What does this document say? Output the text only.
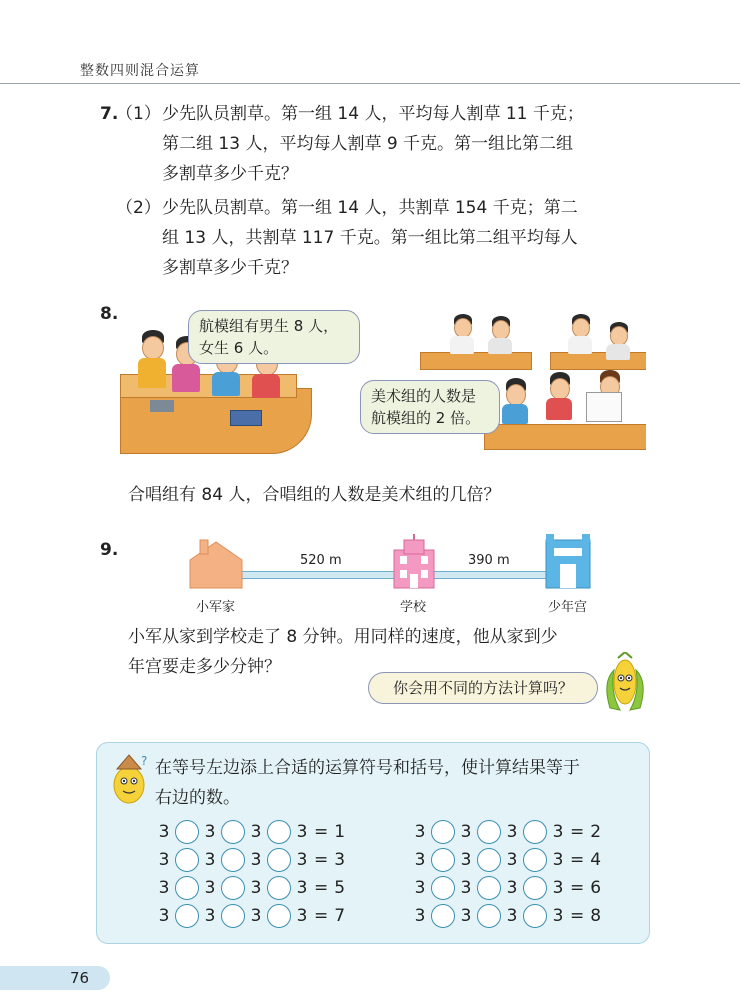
整数四则混合运算
7.
（1） 少先队员割草。第一组 14 人，平均每人割草 11 千克；
第二组 13 人，平均每人割草 9 千克。第一组比第二组
多割草多少千克？
（2） 少先队员割草。第一组 14 人，共割草 154 千克；第二
组 13 人，共割草 117 千克。第一组比第二组平均每人
多割草多少千克？
8.
航模组有男生 8 人，
女生 6 人。
美术组的人数是
航模组的 2 倍。
合唱组有 84 人，合唱组的人数是美术组的几倍？
9.
520 m	390 m
小军家	学校	少年宫
小军从家到学校走了 8 分钟。用同样的速度，他从家到少
年宫要走多少分钟？
你会用不同的方法计算吗？
? 在等号左边添上合适的运算符号和括号，使计算结果等于
右边的数。
3 3 3 3 = 1
3 3 3 3 = 3
3 3 3 3 = 5
3 3 3 3 = 7
3 3 3 3 = 2
3 3 3 3 = 4
3 3 3 3 = 6
3 3 3 3 = 8
76
